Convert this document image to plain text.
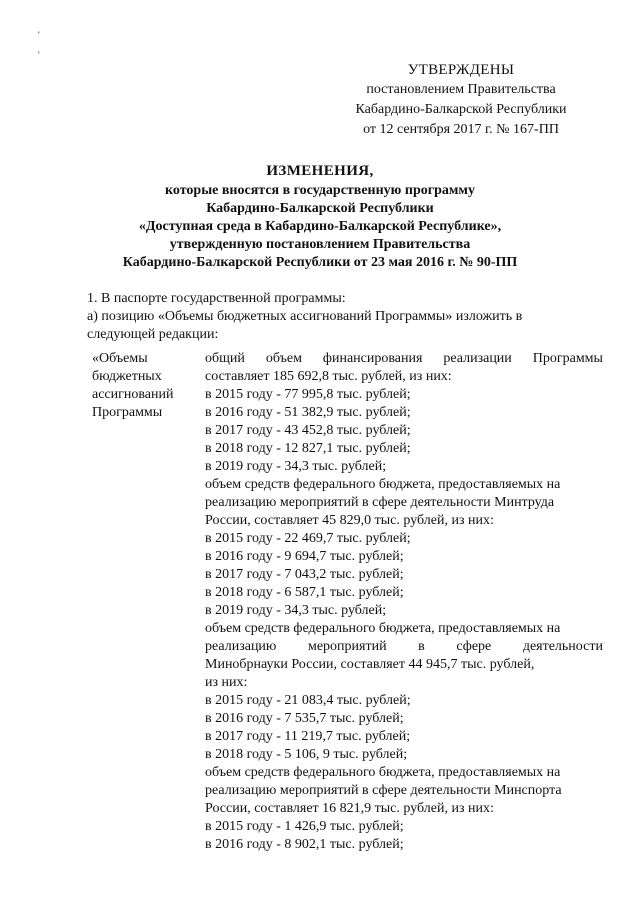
'
'
УТВЕРЖДЕНЫ
постановлением Правительства
Кабардино-Балкарской Республики
от 12 сентября 2017 г. № 167-ПП
ИЗМЕНЕНИЯ,
которые вносятся в государственную программу
Кабардино-Балкарской Республики
«Доступная среда в Кабардино-Балкарской Республике»,
утвержденную постановлением Правительства
Кабардино-Балкарской Республики от 23 мая 2016 г. № 90-ПП
1. В паспорте государственной программы:
а) позицию «Объемы бюджетных ассигнований Программы» изложить в
следующей редакции:
«Объемы
бюджетных
ассигнований
Программы
общий объем финансирования реализации Программы
составляет 185 692,8 тыс. рублей, из них:
в 2015 году - 77 995,8 тыс. рублей;
в 2016 году - 51 382,9 тыс. рублей;
в 2017 году - 43 452,8 тыс. рублей;
в 2018 году - 12 827,1 тыс. рублей;
в 2019 году - 34,3 тыс. рублей;
объем средств федерального бюджета, предоставляемых на
реализацию мероприятий в сфере деятельности Минтруда
России, составляет 45 829,0 тыс. рублей, из них:
в 2015 году - 22 469,7 тыс. рублей;
в 2016 году - 9 694,7 тыс. рублей;
в 2017 году - 7 043,2 тыс. рублей;
в 2018 году - 6 587,1 тыс. рублей;
в 2019 году - 34,3 тыс. рублей;
объем средств федерального бюджета, предоставляемых на
реализацию мероприятий в сфере деятельности
Минобрнауки России, составляет 44 945,7 тыс. рублей,
из них:
в 2015 году - 21 083,4 тыс. рублей;
в 2016 году - 7 535,7 тыс. рублей;
в 2017 году - 11 219,7 тыс. рублей;
в 2018 году - 5 106, 9 тыс. рублей;
объем средств федерального бюджета, предоставляемых на
реализацию мероприятий в сфере деятельности Минспорта
России, составляет 16 821,9 тыс. рублей, из них:
в 2015 году - 1 426,9 тыс. рублей;
в 2016 году - 8 902,1 тыс. рублей;
